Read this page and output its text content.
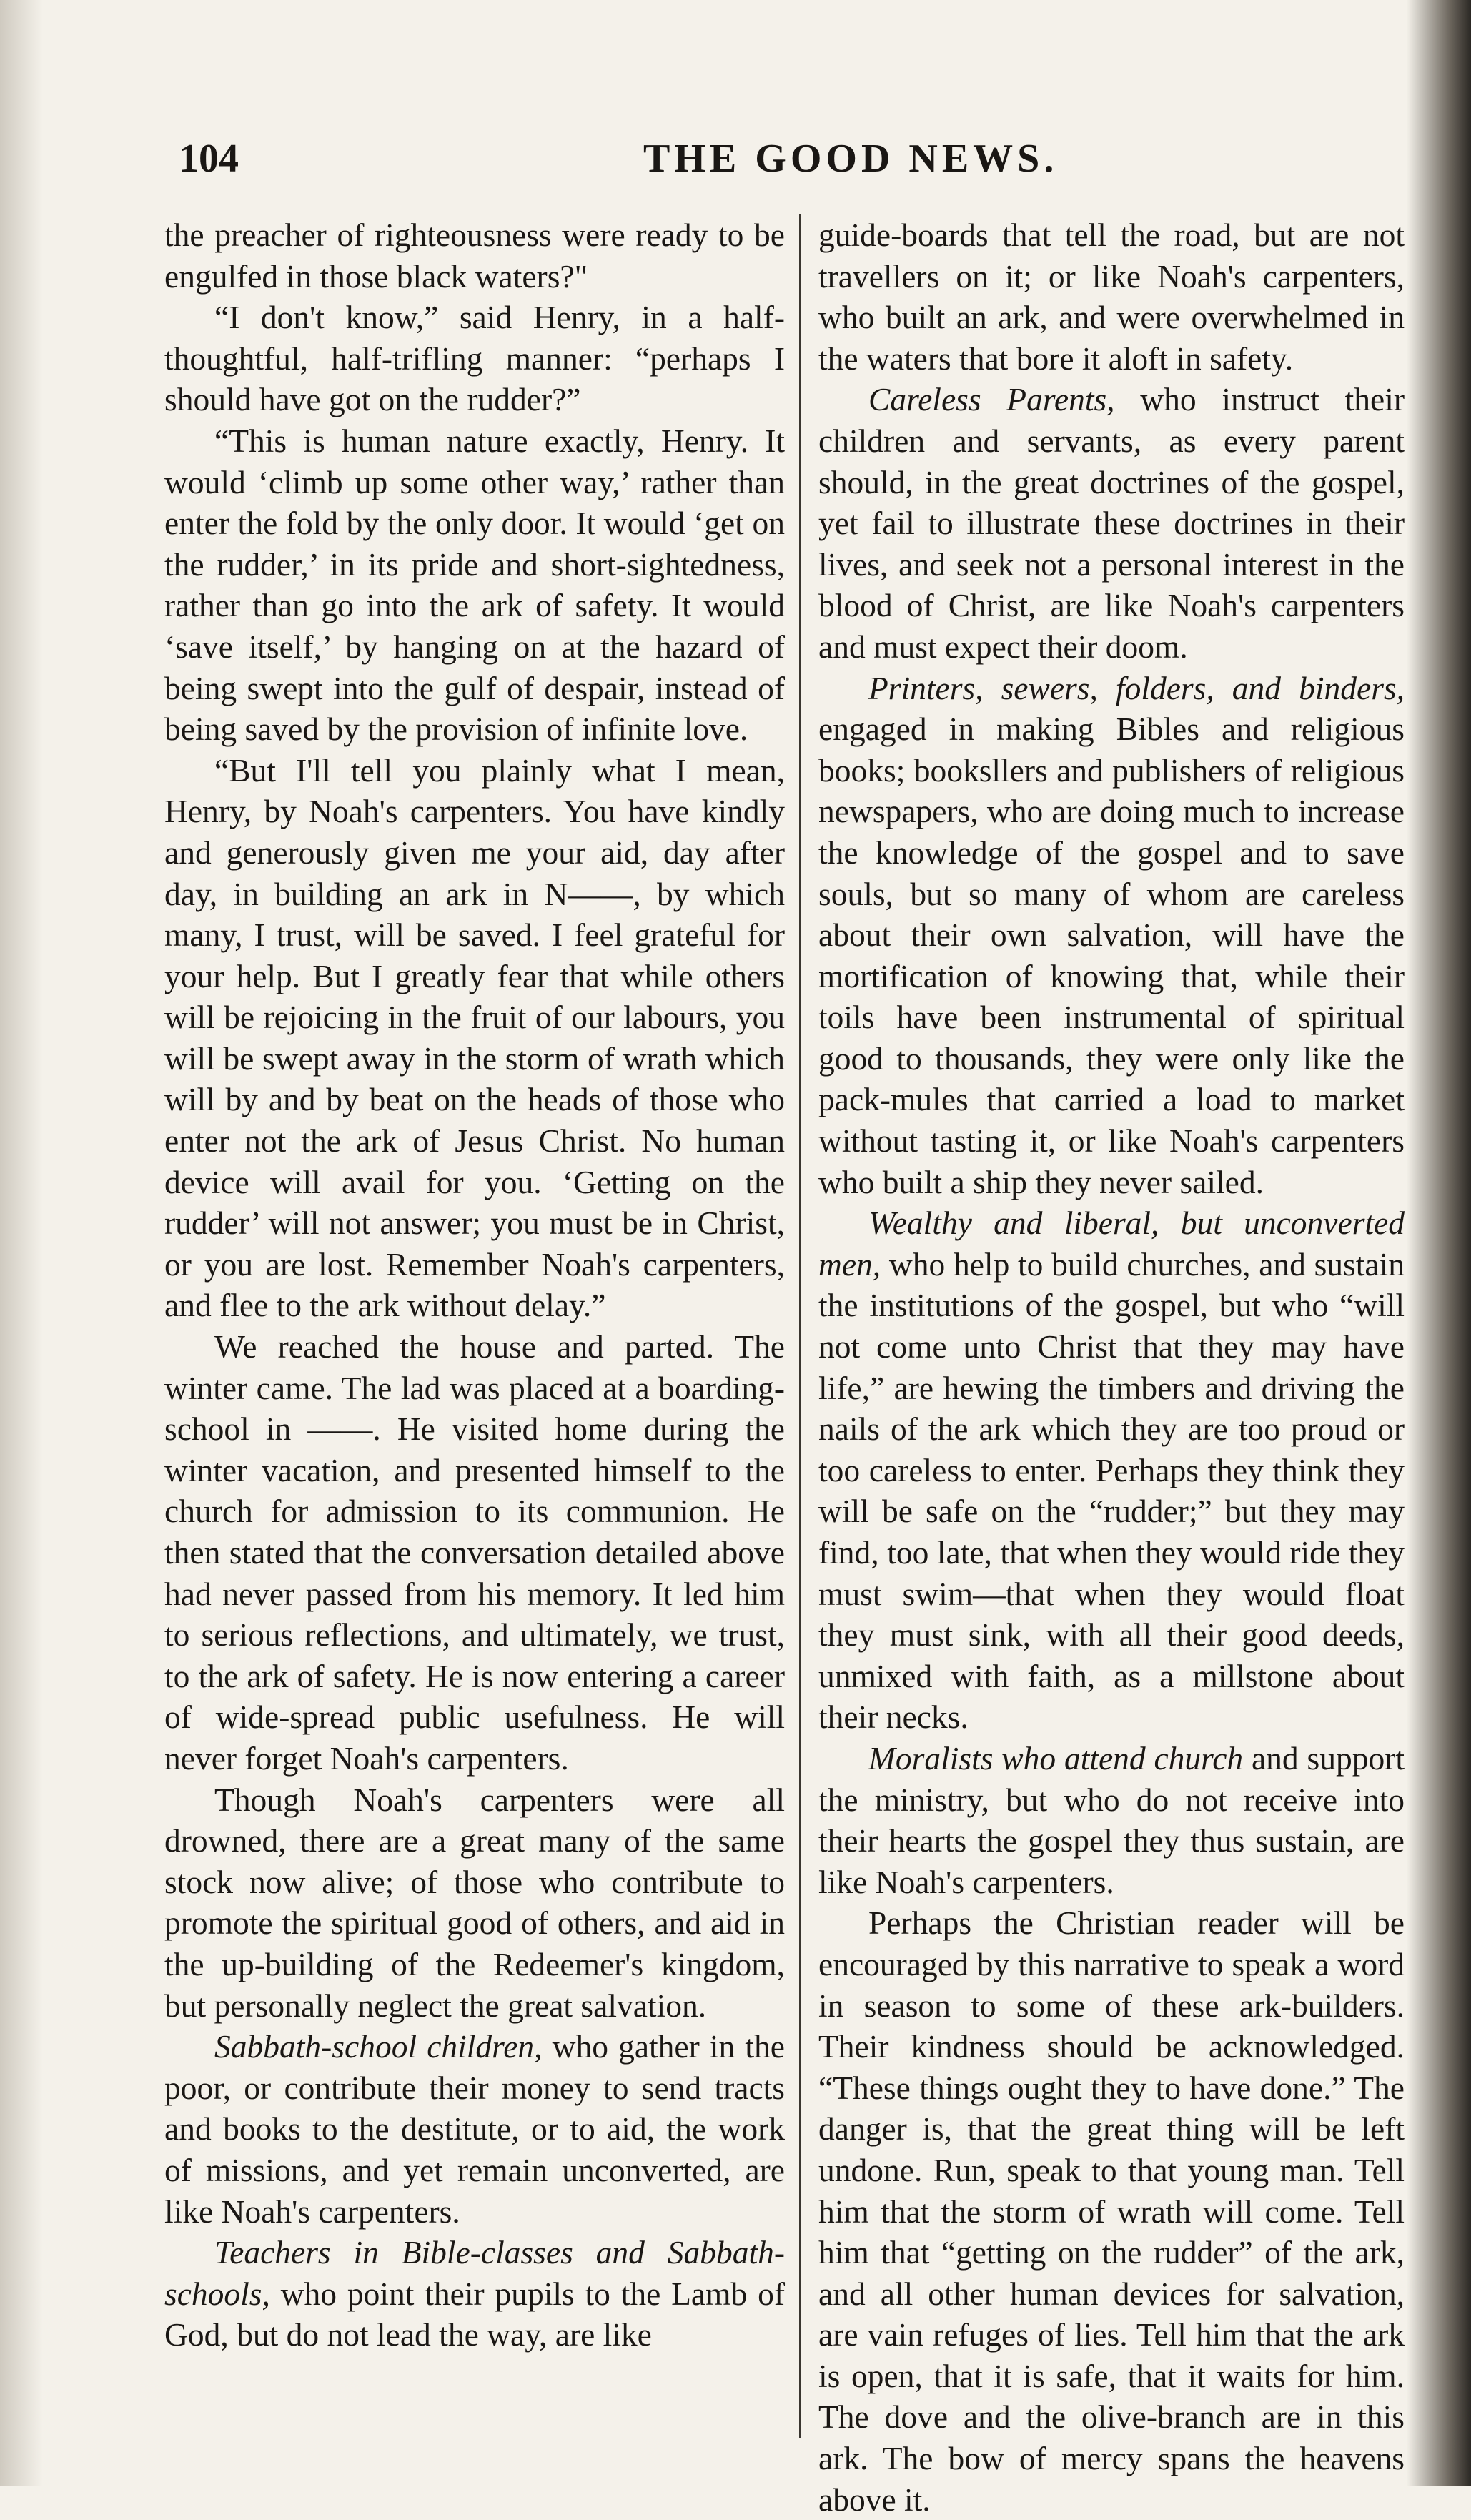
104	THE GOOD NEWS.

the preacher of righteousness were ready to be engulfed in those black waters?"

“I don't know,” said Henry, in a half-thoughtful, half-trifling manner: “perhaps I should have got on the rudder?”

“This is human nature exactly, Henry. It would ‘climb up some other way,’ rather than enter the fold by the only door. It would ‘get on the rudder,’ in its pride and short-sightedness, rather than go into the ark of safety. It would ‘save itself,’ by hanging on at the hazard of being swept into the gulf of despair, instead of being saved by the provision of infinite love.

“But I'll tell you plainly what I mean, Henry, by Noah's carpenters. You have kindly and generously given me your aid, day after day, in building an ark in N——, by which many, I trust, will be saved. I feel grateful for your help. But I greatly fear that while others will be rejoicing in the fruit of our labours, you will be swept away in the storm of wrath which will by and by beat on the heads of those who enter not the ark of Jesus Christ. No human device will avail for you. ‘Getting on the rudder’ will not answer; you must be in Christ, or you are lost. Remember Noah's carpenters, and flee to the ark without delay.”

We reached the house and parted. The winter came. The lad was placed at a boarding-school in ——. He visited home during the winter vacation, and presented himself to the church for admission to its communion. He then stated that the conversation detailed above had never passed from his memory. It led him to serious reflections, and ultimately, we trust, to the ark of safety. He is now entering a career of wide-spread public usefulness. He will never forget Noah's carpenters.

Though Noah's carpenters were all drowned, there are a great many of the same stock now alive; of those who contribute to promote the spiritual good of others, and aid in the up-building of the Redeemer's kingdom, but personally neglect the great salvation.

Sabbath-school children, who gather in the poor, or contribute their money to send tracts and books to the destitute, or to aid, the work of missions, and yet remain unconverted, are like Noah's carpenters.

Teachers in Bible-classes and Sabbath-schools, who point their pupils to the Lamb of God, but do not lead the way, are like

guide-boards that tell the road, but are not travellers on it; or like Noah's carpenters, who built an ark, and were overwhelmed in the waters that bore it aloft in safety.

Careless Parents, who instruct their children and servants, as every parent should, in the great doctrines of the gospel, yet fail to illustrate these doctrines in their lives, and seek not a personal interest in the blood of Christ, are like Noah's carpenters and must expect their doom.

Printers, sewers, folders, and binders, engaged in making Bibles and religious books; booksllers and publishers of religious newspapers, who are doing much to increase the knowledge of the gospel and to save souls, but so many of whom are careless about their own salvation, will have the mortification of knowing that, while their toils have been instrumental of spiritual good to thousands, they were only like the pack-mules that carried a load to market without tasting it, or like Noah's carpenters who built a ship they never sailed.

Wealthy and liberal, but unconverted men, who help to build churches, and sustain the institutions of the gospel, but who “will not come unto Christ that they may have life,” are hewing the timbers and driving the nails of the ark which they are too proud or too careless to enter. Perhaps they think they will be safe on the “rudder;” but they may find, too late, that when they would ride they must swim—that when they would float they must sink, with all their good deeds, unmixed with faith, as a millstone about their necks.

Moralists who attend church and support the ministry, but who do not receive into their hearts the gospel they thus sustain, are like Noah's carpenters.

Perhaps the Christian reader will be encouraged by this narrative to speak a word in season to some of these ark-builders. Their kindness should be acknowledged. “These things ought they to have done.” The danger is, that the great thing will be left undone. Run, speak to that young man. Tell him that the storm of wrath will come. Tell him that “getting on the rudder” of the ark, and all other human devices for salvation, are vain refuges of lies. Tell him that the ark is open, that it is safe, that it waits for him. The dove and the olive-branch are in this ark. The bow of mercy spans the heavens above it.
